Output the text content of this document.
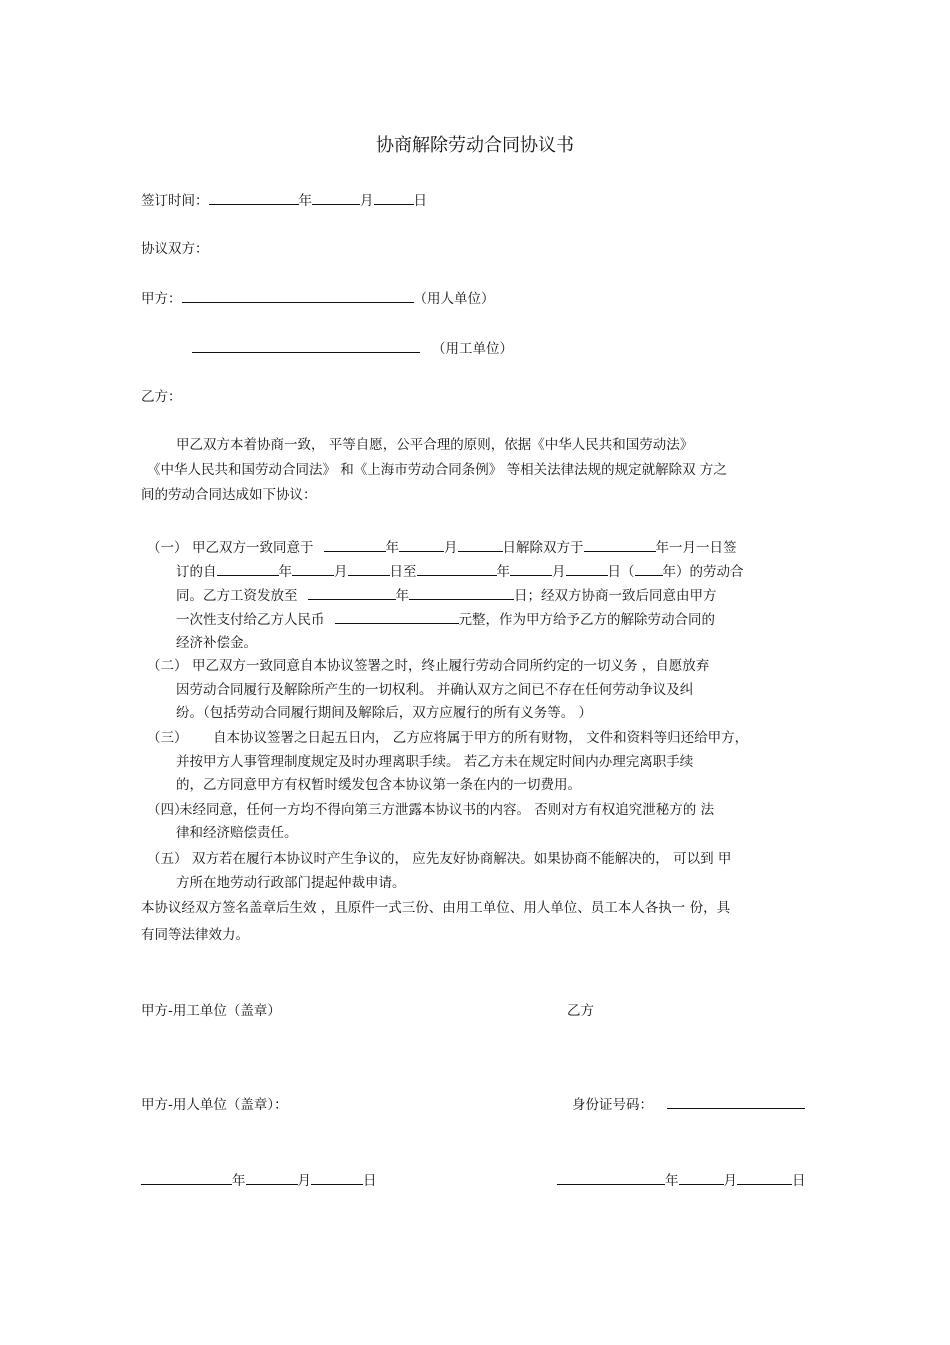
协商解除劳动合同协议书
签订时间：	年	月	日
协议双方：
甲方：	（用人单位）
（用工单位）
乙方：
甲乙双方本着协商一致， 平等自愿，公平合理的原则，依据《中华人民共和国劳动法》
《中华人民共和国劳动合同法》 和《上海市劳动合同条例》 等相关法律法规的规定就解除双 方之
间的劳动合同达成如下协议：
（一） 甲乙双方一致同意于	年	月	日解除双方于	年一月一日签
订的自	年	月	日至	年	月	日（ 年）的劳动合
同。乙方工资发放至	年	日；经双方协商一致后同意由甲方
一次性支付给乙方人民币	元整，作为甲方给予乙方的解除劳动合同的
经济补偿金。
（二） 甲乙双方一致同意自本协议签署之时，终止履行劳动合同所约定的一切义务 ，自愿放弃
因劳动合同履行及解除所产生的一切权利。 并确认双方之间已不存在任何劳动争议及纠
纷。（包括劳动合同履行期间及解除后，双方应履行的所有义务等。 ）
（三） 自本协议签署之日起五日内， 乙方应将属于甲方的所有财物， 文件和资料等归还给甲方，
并按甲方人事管理制度规定及时办理离职手续。 若乙方未在规定时间内办理完离职手续
的，乙方同意甲方有权暂时缓发包含本协议第一条在内的一切费用。
（四）未经同意，任何一方均不得向第三方泄露本协议书的内容。 否则对方有权追究泄秘方的 法
律和经济赔偿责任。
（五） 双方若在履行本协议时产生争议的， 应先友好协商解决。如果协商不能解决的， 可以到 甲
方所在地劳动行政部门提起仲裁申请。
本协议经双方签名盖章后生效 ，且原件一式三份、由用工单位、用人单位、员工本人各执一 份，具
有同等法律效力。
甲方-用工单位（盖章）	乙方
甲方-用人单位（盖章）：	身份证号码：
年	月	日	年	月	日
